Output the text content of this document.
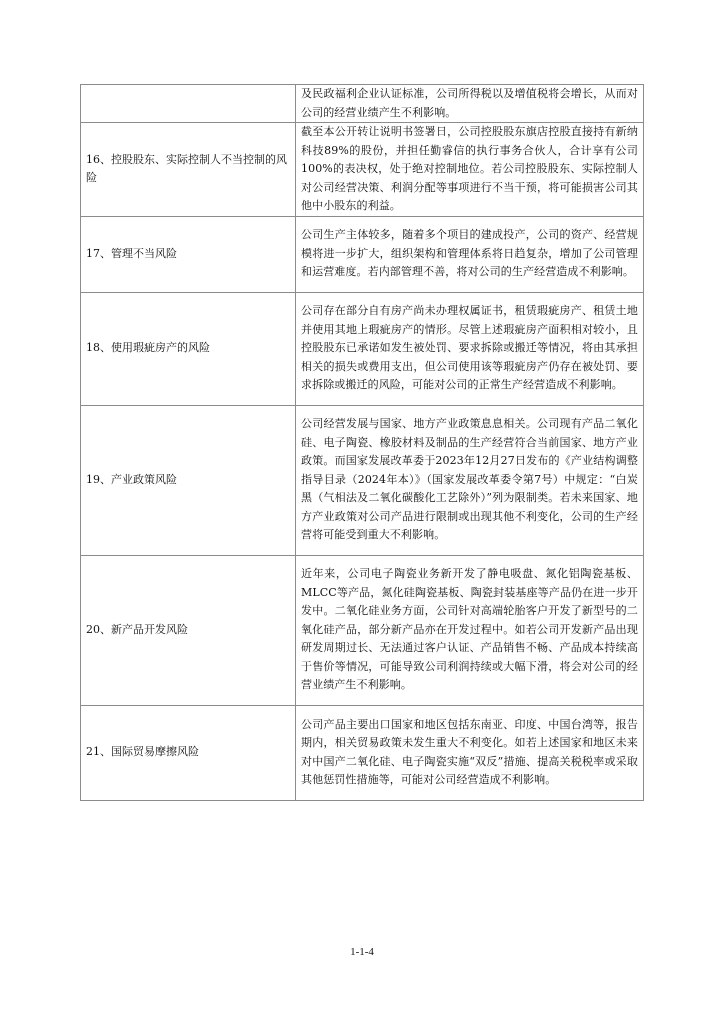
	及民政福利企业认证标准，公司所得税以及增值税将会增长，从而对公司的经营业绩产生不利影响。
16、控股股东、实际控制人不当控制的风险	截至本公开转让说明书签署日，公司控股股东旗店控股直接持有新纳科技89%的股份，并担任勤睿信的执行事务合伙人，合计享有公司100%的表决权，处于绝对控制地位。若公司控股股东、实际控制人对公司经营决策、利润分配等事项进行不当干预，将可能损害公司其他中小股东的利益。
17、管理不当风险	公司生产主体较多，随着多个项目的建成投产，公司的资产、经营规模将进一步扩大，组织架构和管理体系将日趋复杂，增加了公司管理和运营难度。若内部管理不善，将对公司的生产经营造成不利影响。
18、使用瑕疵房产的风险	公司存在部分自有房产尚未办理权属证书，租赁瑕疵房产、租赁土地并使用其地上瑕疵房产的情形。尽管上述瑕疵房产面积相对较小，且控股股东已承诺如发生被处罚、要求拆除或搬迁等情况，将由其承担相关的损失或费用支出，但公司使用该等瑕疵房产仍存在被处罚、要求拆除或搬迁的风险，可能对公司的正常生产经营造成不利影响。
19、产业政策风险	公司经营发展与国家、地方产业政策息息相关。公司现有产品二氧化硅、电子陶瓷、橡胶材料及制品的生产经营符合当前国家、地方产业政策。而国家发展改革委于2023年12月27日发布的《产业结构调整指导目录（2024年本）》（国家发展改革委令第7号）中规定：“白炭黑（气相法及二氧化碳酸化工艺除外）”列为限制类。若未来国家、地方产业政策对公司产品进行限制或出现其他不利变化，公司的生产经营将可能受到重大不利影响。
20、新产品开发风险	近年来，公司电子陶瓷业务新开发了静电吸盘、氮化铝陶瓷基板、MLCC等产品，氮化硅陶瓷基板、陶瓷封装基座等产品仍在进一步开发中。二氧化硅业务方面，公司针对高端轮胎客户开发了新型号的二氧化硅产品，部分新产品亦在开发过程中。如若公司开发新产品出现研发周期过长、无法通过客户认证、产品销售不畅、产品成本持续高于售价等情况，可能导致公司利润持续或大幅下滑，将会对公司的经营业绩产生不利影响。
21、国际贸易摩擦风险	公司产品主要出口国家和地区包括东南亚、印度、中国台湾等，报告期内，相关贸易政策未发生重大不利变化。如若上述国家和地区未来对中国产二氧化硅、电子陶瓷实施“双反”措施、提高关税税率或采取其他惩罚性措施等，可能对公司经营造成不利影响。
1-1-4
